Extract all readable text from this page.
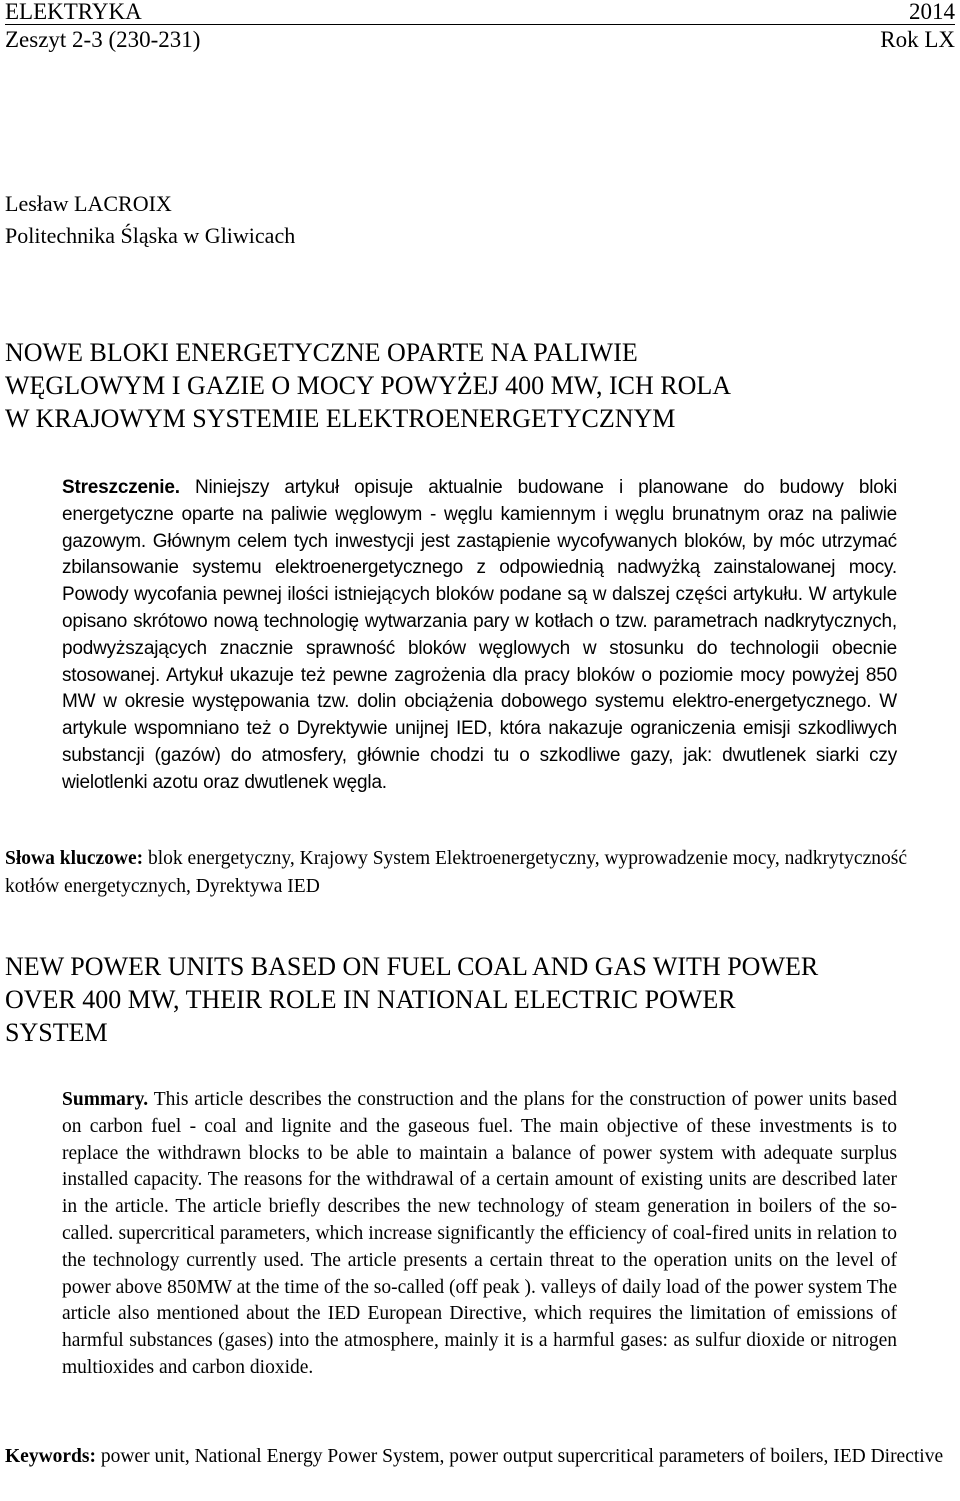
ELEKTRYKA	2014
Zeszyt 2-3 (230-231)	Rok LX
Lesław LACROIX
Politechnika Śląska w Gliwicach
NOWE BLOKI ENERGETYCZNE OPARTE NA PALIWIE
WĘGLOWYM I GAZIE O MOCY POWYŻEJ 400 MW, ICH ROLA
W KRAJOWYM SYSTEMIE ELEKTROENERGETYCZNYM
Streszczenie. Niniejszy artykuł opisuje aktualnie budowane i planowane do budowy bloki energetyczne oparte na paliwie węglowym - węglu kamiennym i węglu brunatnym oraz na paliwie gazowym. Głównym celem tych inwestycji jest zastąpienie wycofywanych bloków, by móc utrzymać zbilansowanie systemu elektroenergetycznego z odpowiednią nadwyżką zainstalowanej mocy. Powody wycofania pewnej ilości istniejących bloków podane są w dalszej części artykułu. W artykule opisano skrótowo nową technologię wytwarzania pary w kotłach o tzw. parametrach nadkrytycznych, podwyższających znacznie sprawność bloków węglowych w stosunku do technologii obecnie stosowanej. Artykuł ukazuje też pewne zagrożenia dla pracy bloków o poziomie mocy powyżej 850 MW w okresie występowania tzw. dolin obciążenia dobowego systemu elektro-energetycznego. W artykule wspomniano też o Dyrektywie unijnej IED, która nakazuje ograniczenia emisji szkodliwych substancji (gazów) do atmosfery, głównie chodzi tu o szkodliwe gazy, jak: dwutlenek siarki czy wielotlenki azotu oraz dwutlenek węgla.
Słowa kluczowe: blok energetyczny, Krajowy System Elektroenergetyczny, wyprowadzenie mocy, nadkrytyczność kotłów energetycznych, Dyrektywa IED
NEW POWER UNITS BASED ON FUEL COAL AND GAS WITH POWER
OVER 400 MW, THEIR ROLE IN NATIONAL ELECTRIC POWER
SYSTEM
Summary. This article describes the construction and the plans for the construction of power units based on carbon fuel - coal and lignite and the gaseous fuel. The main objective of these investments is to replace the withdrawn blocks to be able to maintain a balance of power system with adequate surplus installed capacity. The reasons for the withdrawal of a certain amount of existing units are described later in the article. The article briefly describes the new technology of steam generation in boilers of the so-called. supercritical parameters, which increase significantly the efficiency of coal-fired units in relation to the technology currently used. The article presents a certain threat to the operation units on the level of power above 850MW at the time of the so-called (off peak ). valleys of daily load of the power system The article also mentioned about the IED European Directive, which requires the limitation of emissions of harmful substances (gases) into the atmosphere, mainly it is a harmful gases: as sulfur dioxide or nitrogen multioxides and carbon dioxide.
Keywords: power unit, National Energy Power System, power output supercritical parameters of boilers, IED Directive
